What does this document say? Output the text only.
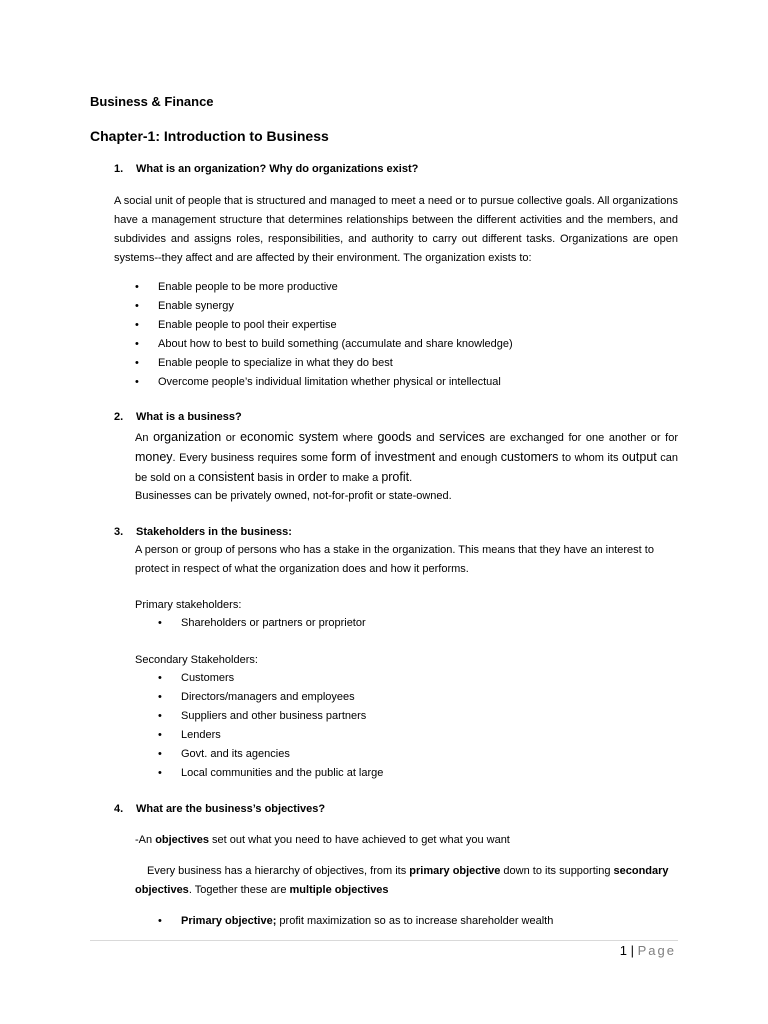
Business & Finance
Chapter-1: Introduction to Business
1. What is an organization? Why do organizations exist?

A social unit of people that is structured and managed to meet a need or to pursue collective goals. All organizations have a management structure that determines relationships between the different activities and the members, and subdivides and assigns roles, responsibilities, and authority to carry out different tasks. Organizations are open systems--they affect and are affected by their environment. The organization exists to:

• Enable people to be more productive
• Enable synergy
• Enable people to pool their expertise
• About how to best to build something (accumulate and share knowledge)
• Enable people to specialize in what they do best
• Overcome people’s individual limitation whether physical or intellectual
2. What is a business?

An organization or economic system where goods and services are exchanged for one another or for money. Every business requires some form of investment and enough customers to whom its output can be sold on a consistent basis in order to make a profit.

Businesses can be privately owned, not-for-profit or state-owned.
3. Stakeholders in the business:

A person or group of persons who has a stake in the organization. This means that they have an interest to protect in respect of what the organization does and how it performs.

Primary stakeholders:
• Shareholders or partners or proprietor
Secondary Stakeholders:
• Customers
• Directors/managers and employees
• Suppliers and other business partners
• Lenders
• Govt. and its agencies
• Local communities and the public at large
4. What are the business’s objectives?
-An objectives set out what you need to have achieved to get what you want

Every business has a hierarchy of objectives, from its primary objective down to its supporting secondary objectives. Together these are multiple objectives

• Primary objective; profit maximization so as to increase shareholder wealth
1 | Page
